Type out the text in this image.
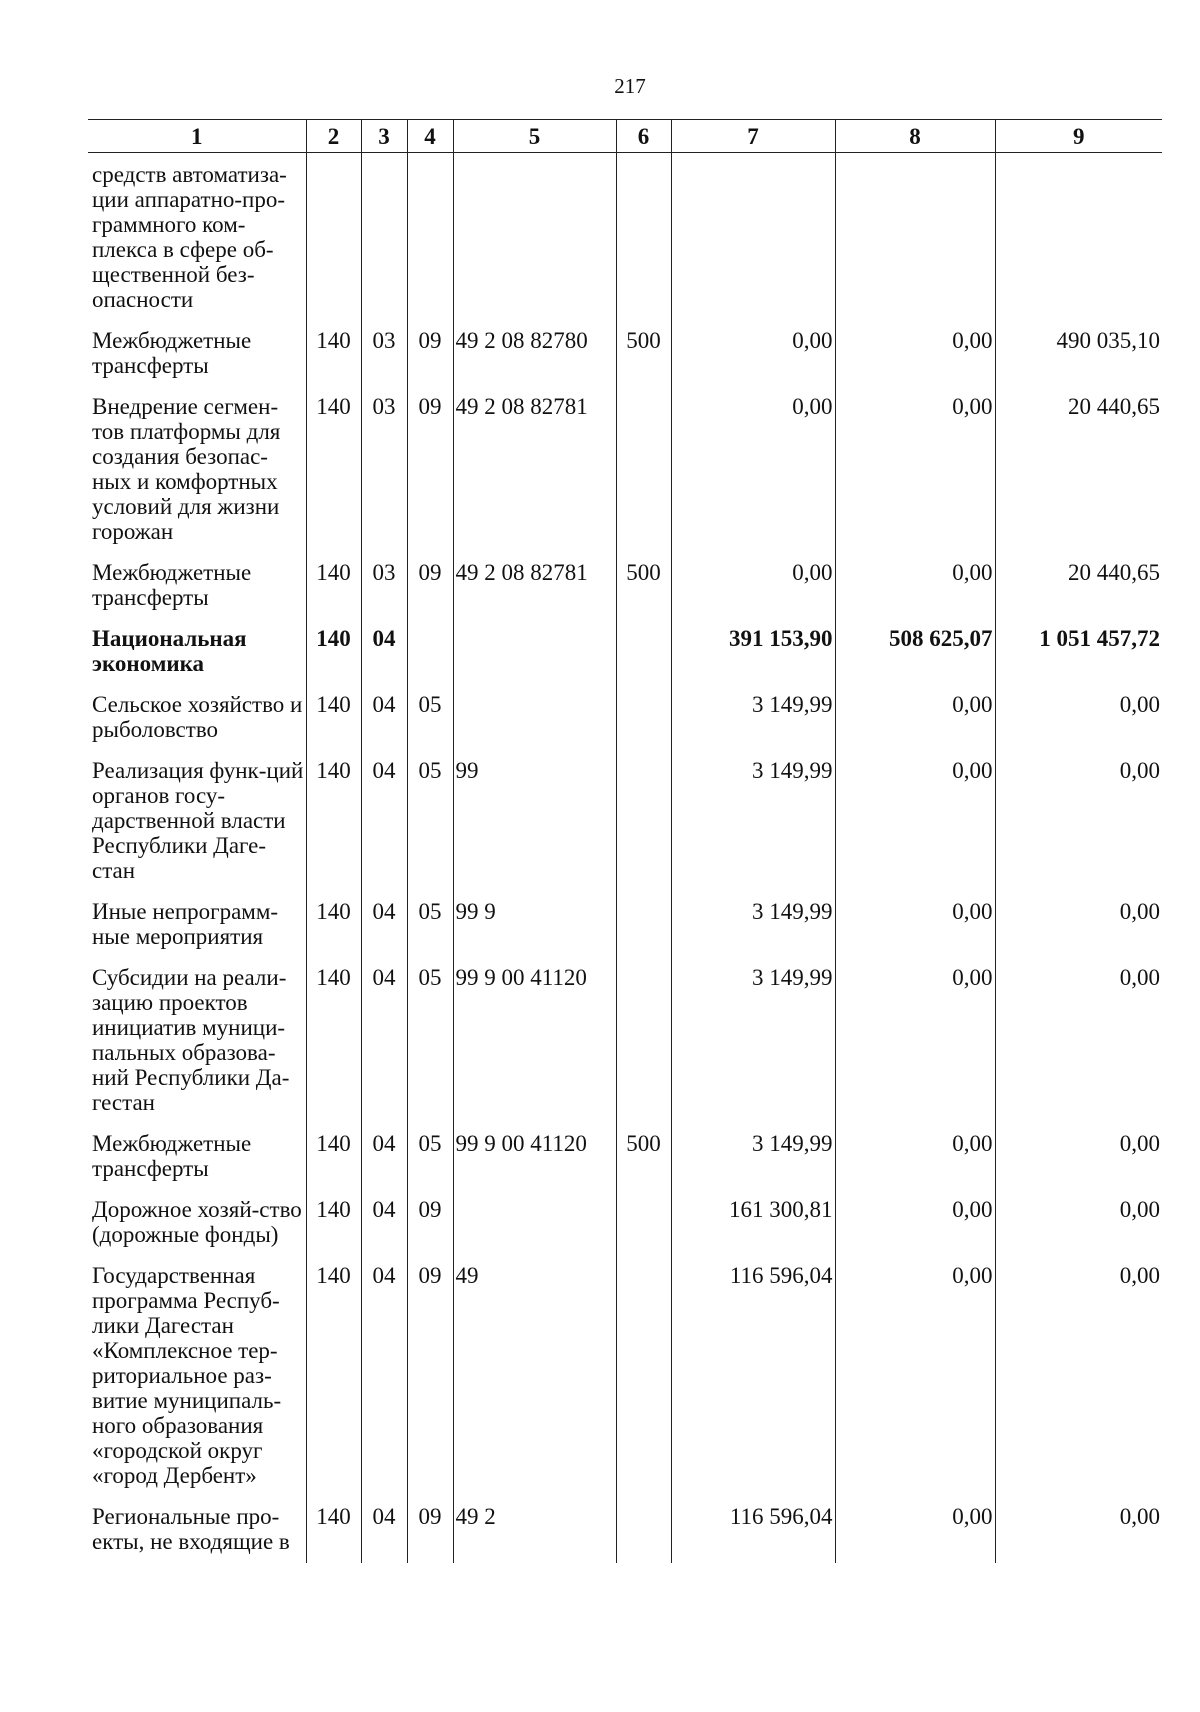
217
1	2	3	4	5	6	7	8	9
средств автоматиза-ции аппаратно-про-граммного ком-плекса в сфере об-щественной без-опасности								
Межбюджетные трансферты	140	03	09	49 2 08 82780	500	0,00	0,00	490 035,10
Внедрение сегмен-тов платформы для создания безопас-ных и комфортных условий для жизни горожан	140	03	09	49 2 08 82781		0,00	0,00	20 440,65
Межбюджетные трансферты	140	03	09	49 2 08 82781	500	0,00	0,00	20 440,65
Национальная экономика	140	04				391 153,90	508 625,07	1 051 457,72
Сельское хозяйство и рыболовство	140	04	05			3 149,99	0,00	0,00
Реализация функ-ций органов госу-дарственной власти Республики Даге-стан	140	04	05	99		3 149,99	0,00	0,00
Иные непрограмм-ные мероприятия	140	04	05	99 9		3 149,99	0,00	0,00
Субсидии на реали-зацию проектов инициатив муници-пальных образова-ний Республики Да-гестан	140	04	05	99 9 00 41120		3 149,99	0,00	0,00
Межбюджетные трансферты	140	04	05	99 9 00 41120	500	3 149,99	0,00	0,00
Дорожное хозяй-ство (дорожные фонды)	140	04	09			161 300,81	0,00	0,00
Государственная программа Респуб-лики Дагестан «Комплексное тер-риториальное раз-витие муниципаль-ного образования «городской округ «город Дербент»	140	04	09	49		116 596,04	0,00	0,00
Региональные про-екты, не входящие в	140	04	09	49 2		116 596,04	0,00	0,00
